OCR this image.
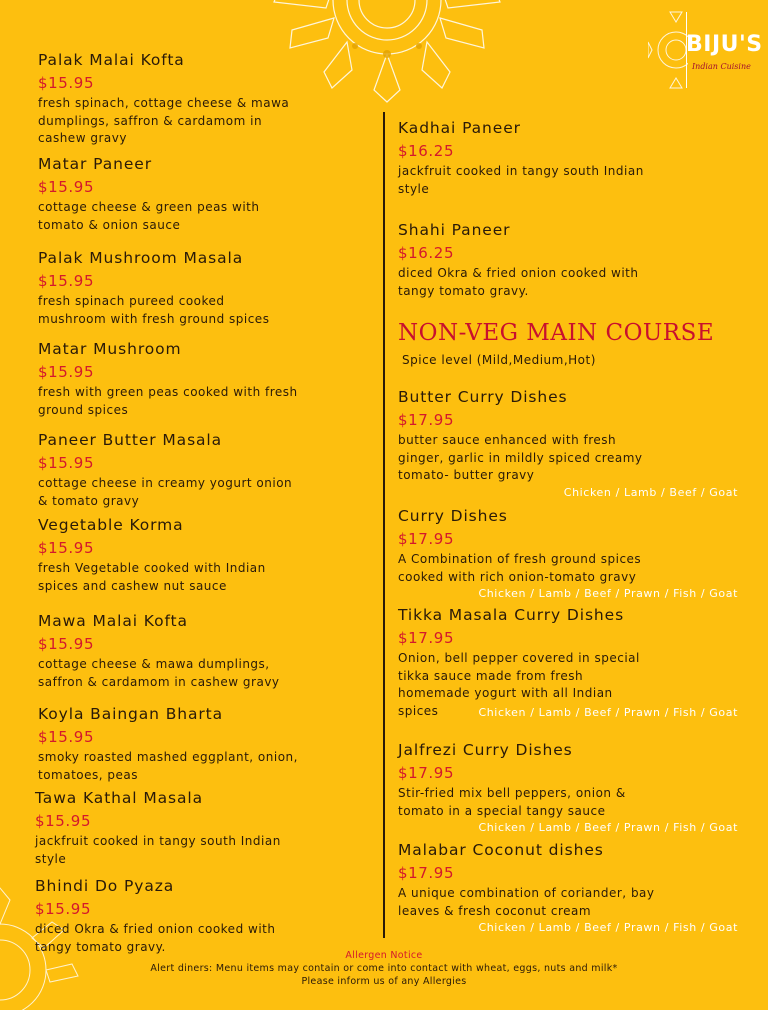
BIJU'S
Indian Cuisine
Palak Malai Kofta
$15.95
fresh spinach, cottage cheese & mawa
dumplings, saffron & cardamom in
cashew gravy
Matar Paneer
$15.95
cottage cheese & green peas with
tomato & onion sauce
Palak Mushroom Masala
$15.95
fresh spinach pureed cooked
mushroom with fresh ground spices
Matar Mushroom
$15.95
fresh with green peas cooked with fresh
ground spices
Paneer Butter Masala
$15.95
cottage cheese in creamy yogurt onion
& tomato gravy
Vegetable Korma
$15.95
fresh Vegetable cooked with Indian
spices and cashew nut sauce
Mawa Malai Kofta
$15.95
cottage cheese & mawa dumplings,
saffron & cardamom in cashew gravy
Koyla Baingan Bharta
$15.95
smoky roasted mashed eggplant, onion,
tomatoes, peas
Tawa Kathal Masala
$15.95
jackfruit cooked in tangy south Indian
style
Bhindi Do Pyaza
$15.95
diced Okra & fried onion cooked with
tangy tomato gravy.
Kadhai Paneer
$16.25
jackfruit cooked in tangy south Indian
style
Shahi Paneer
$16.25
diced Okra & fried onion cooked with
tangy tomato gravy.
NON-VEG MAIN COURSE
Spice level (Mild,Medium,Hot)
Butter Curry Dishes
$17.95
butter sauce enhanced with fresh
ginger, garlic in mildly spiced creamy
tomato- butter gravy
Chicken / Lamb / Beef / Goat
Curry Dishes
$17.95
A Combination of fresh ground spices
cooked with rich onion-tomato gravy
Chicken / Lamb / Beef / Prawn / Fish / Goat
Tikka Masala Curry Dishes
$17.95
Onion, bell pepper covered in special
tikka sauce made from fresh
homemade yogurt with all Indian
spices	Chicken / Lamb / Beef / Prawn / Fish / Goat
Jalfrezi Curry Dishes
$17.95
Stir-fried mix bell peppers, onion &
tomato in a special tangy sauce
Chicken / Lamb / Beef / Prawn / Fish / Goat
Malabar Coconut dishes
$17.95
A unique combination of coriander, bay
leaves & fresh coconut cream
Chicken / Lamb / Beef / Prawn / Fish / Goat
Allergen Notice
Alert diners: Menu items may contain or come into contact with wheat, eggs, nuts and milk*
Please inform us of any Allergies
